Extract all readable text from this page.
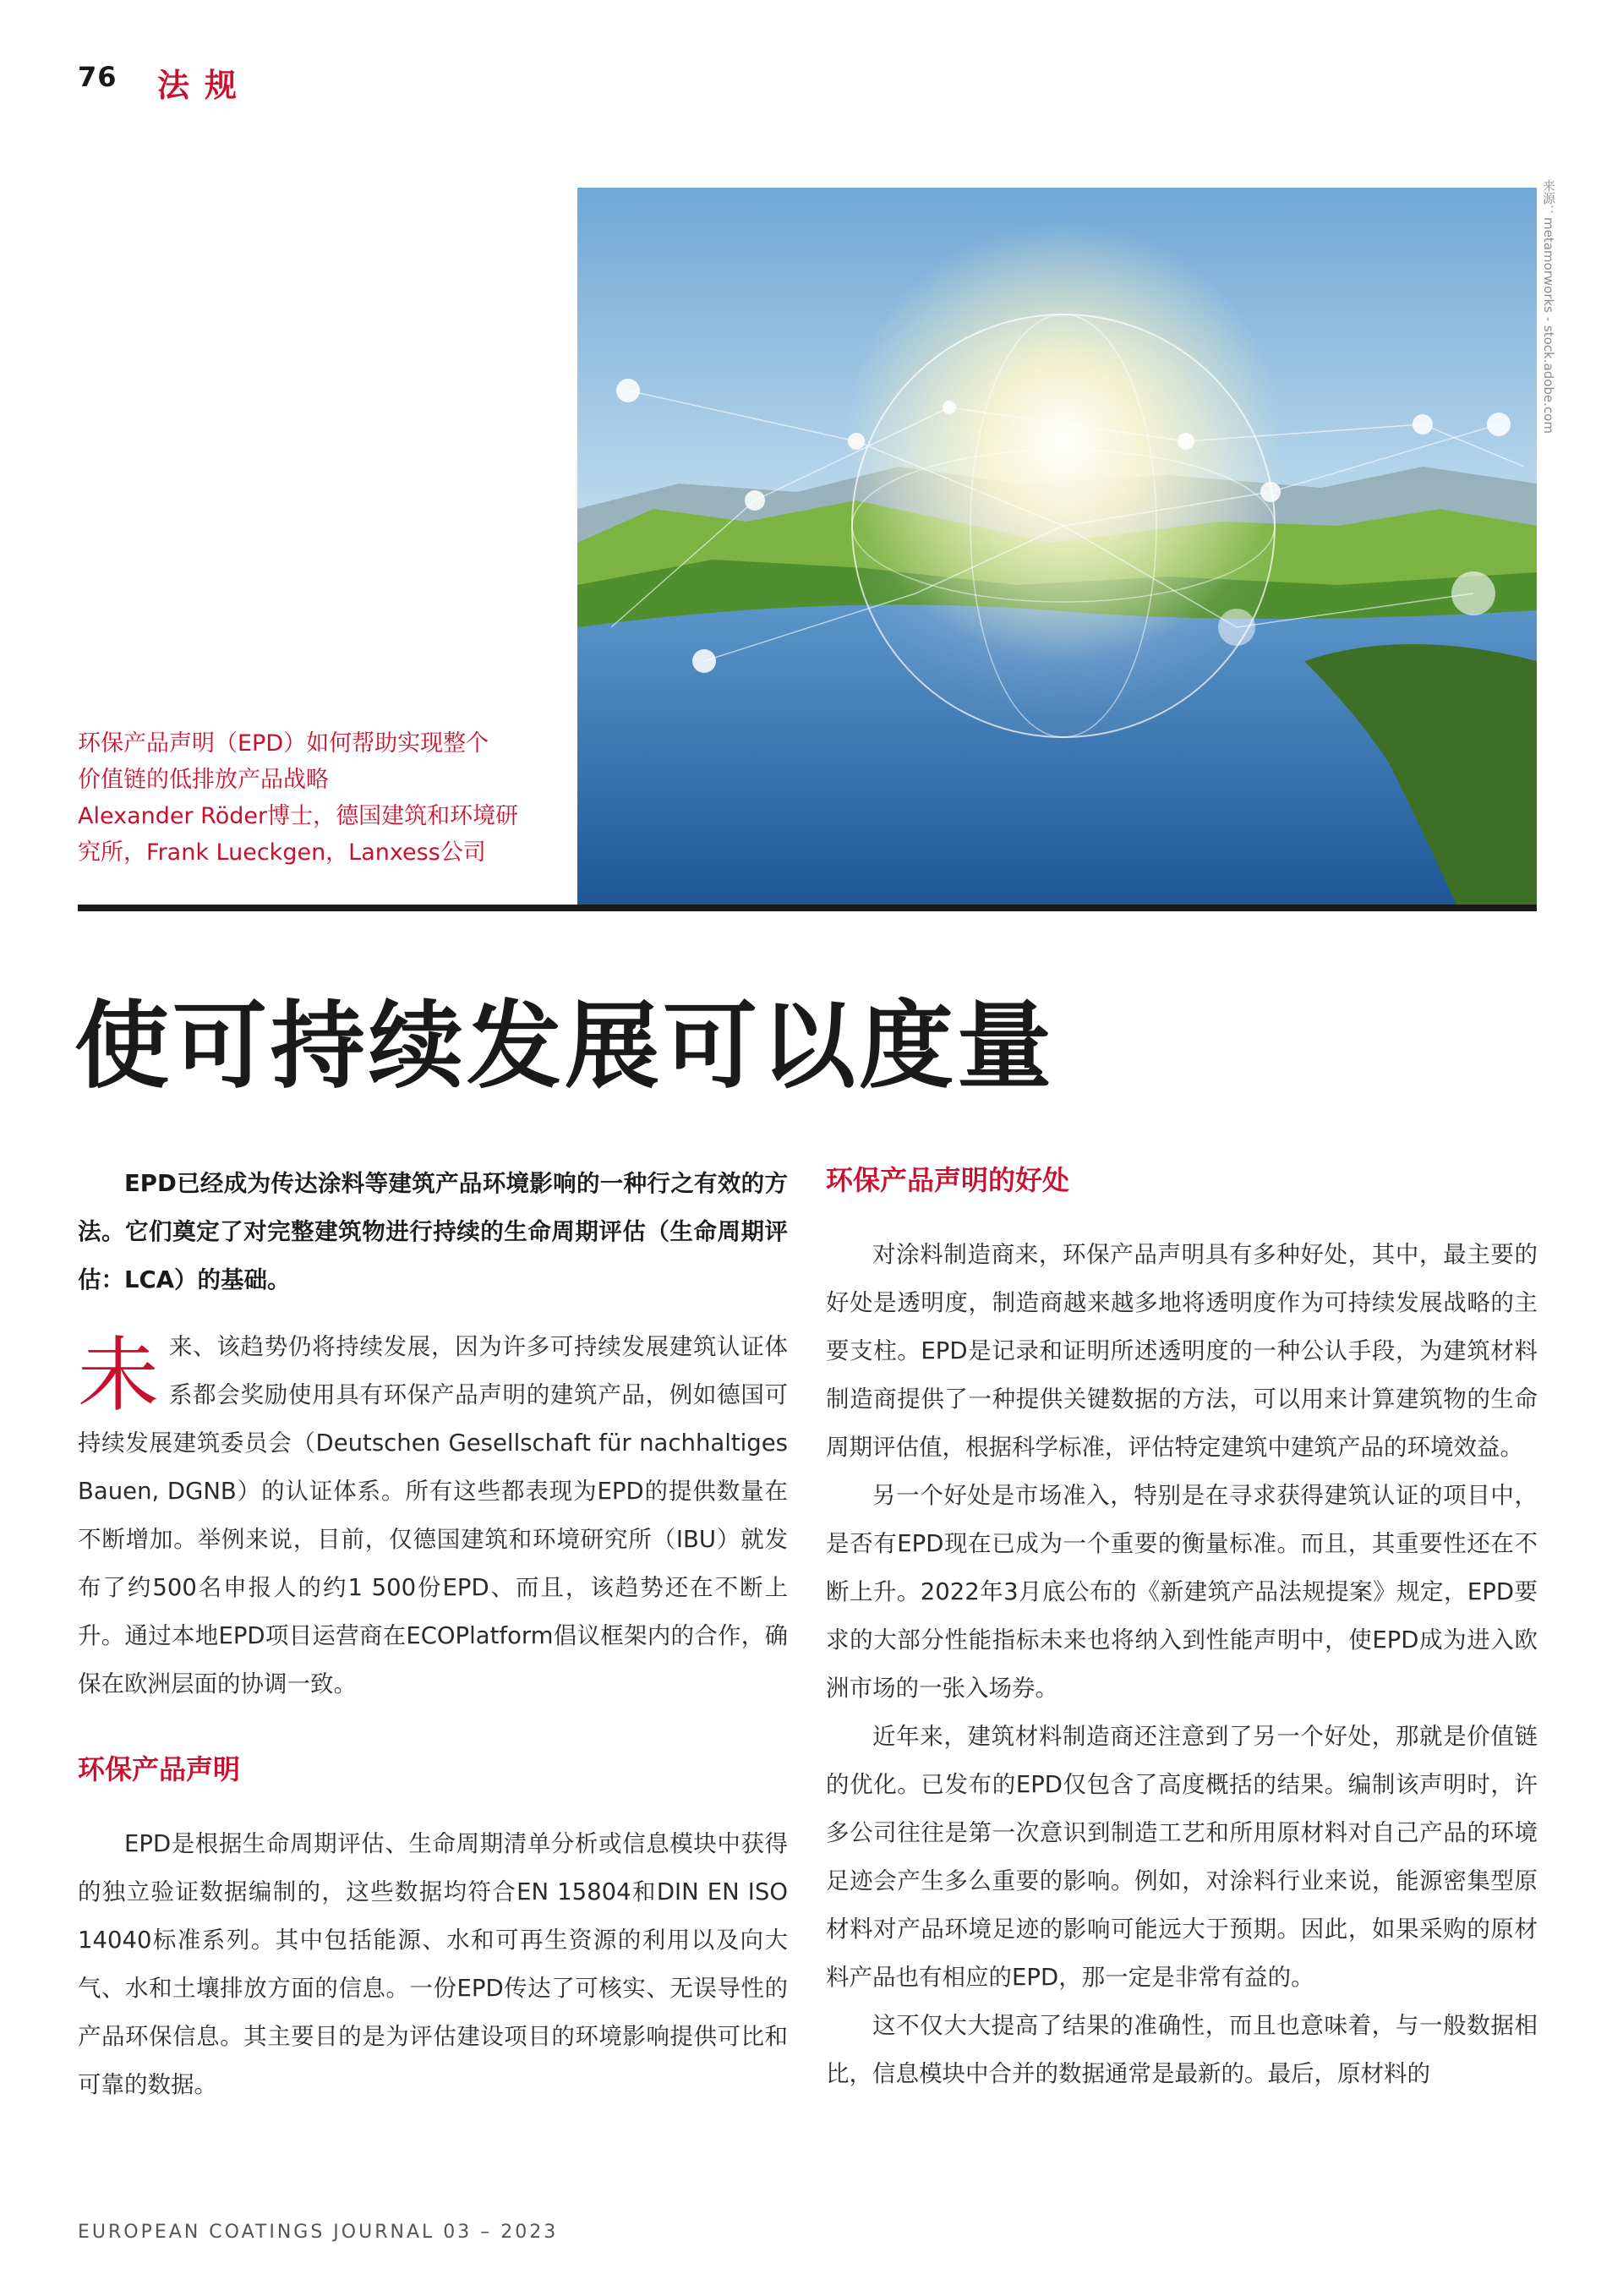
76 法规
来源：metamorworks - stock.adobe.com
环保产品声明（EPD）如何帮助实现整个
价值链的低排放产品战略
Alexander Röder博士，德国建筑和环境研
究所，Frank Lueckgen，Lanxess公司
使可持续发展可以度量

EPD已经成为传达涂料等建筑产品环境影响的一种行之有效的方法。它们奠定了对完整建筑物进行持续的生命周期评估（生命周期评估：LCA）的基础。

未来、该趋势仍将持续发展，因为许多可持续发展建筑认证体系都会奖励使用具有环保产品声明的建筑产品，例如德国可持续发展建筑委员会（Deutschen Gesellschaft für nachhaltiges Bauen, DGNB）的认证体系。所有这些都表现为EPD的提供数量在不断增加。举例来说，目前，仅德国建筑和环境研究所（IBU）就发布了约500名申报人的约1 500份EPD、而且，该趋势还在不断上升。通过本地EPD项目运营商在ECOPlatform倡议框架内的合作，确保在欧洲层面的协调一致。

环保产品声明

EPD是根据生命周期评估、生命周期清单分析或信息模块中获得的独立验证数据编制的，这些数据均符合EN 15804和DIN EN ISO 14040标准系列。其中包括能源、水和可再生资源的利用以及向大气、水和土壤排放方面的信息。一份EPD传达了可核实、无误导性的产品环保信息。其主要目的是为评估建设项目的环境影响提供可比和可靠的数据。

环保产品声明的好处

对涂料制造商来，环保产品声明具有多种好处，其中，最主要的好处是透明度，制造商越来越多地将透明度作为可持续发展战略的主要支柱。EPD是记录和证明所述透明度的一种公认手段，为建筑材料制造商提供了一种提供关键数据的方法，可以用来计算建筑物的生命周期评估值，根据科学标准，评估特定建筑中建筑产品的环境效益。

另一个好处是市场准入，特别是在寻求获得建筑认证的项目中，是否有EPD现在已成为一个重要的衡量标准。而且，其重要性还在不断上升。2022年3月底公布的《新建筑产品法规提案》规定，EPD要求的大部分性能指标未来也将纳入到性能声明中，使EPD成为进入欧洲市场的一张入场券。

近年来，建筑材料制造商还注意到了另一个好处，那就是价值链的优化。已发布的EPD仅包含了高度概括的结果。编制该声明时，许多公司往往是第一次意识到制造工艺和所用原材料对自己产品的环境足迹会产生多么重要的影响。例如，对涂料行业来说，能源密集型原材料对产品环境足迹的影响可能远大于预期。因此，如果采购的原材料产品也有相应的EPD，那一定是非常有益的。

这不仅大大提高了结果的准确性，而且也意味着，与一般数据相比，信息模块中合并的数据通常是最新的。最后，原材料的

EUROPEAN COATINGS JOURNAL 03 – 2023
